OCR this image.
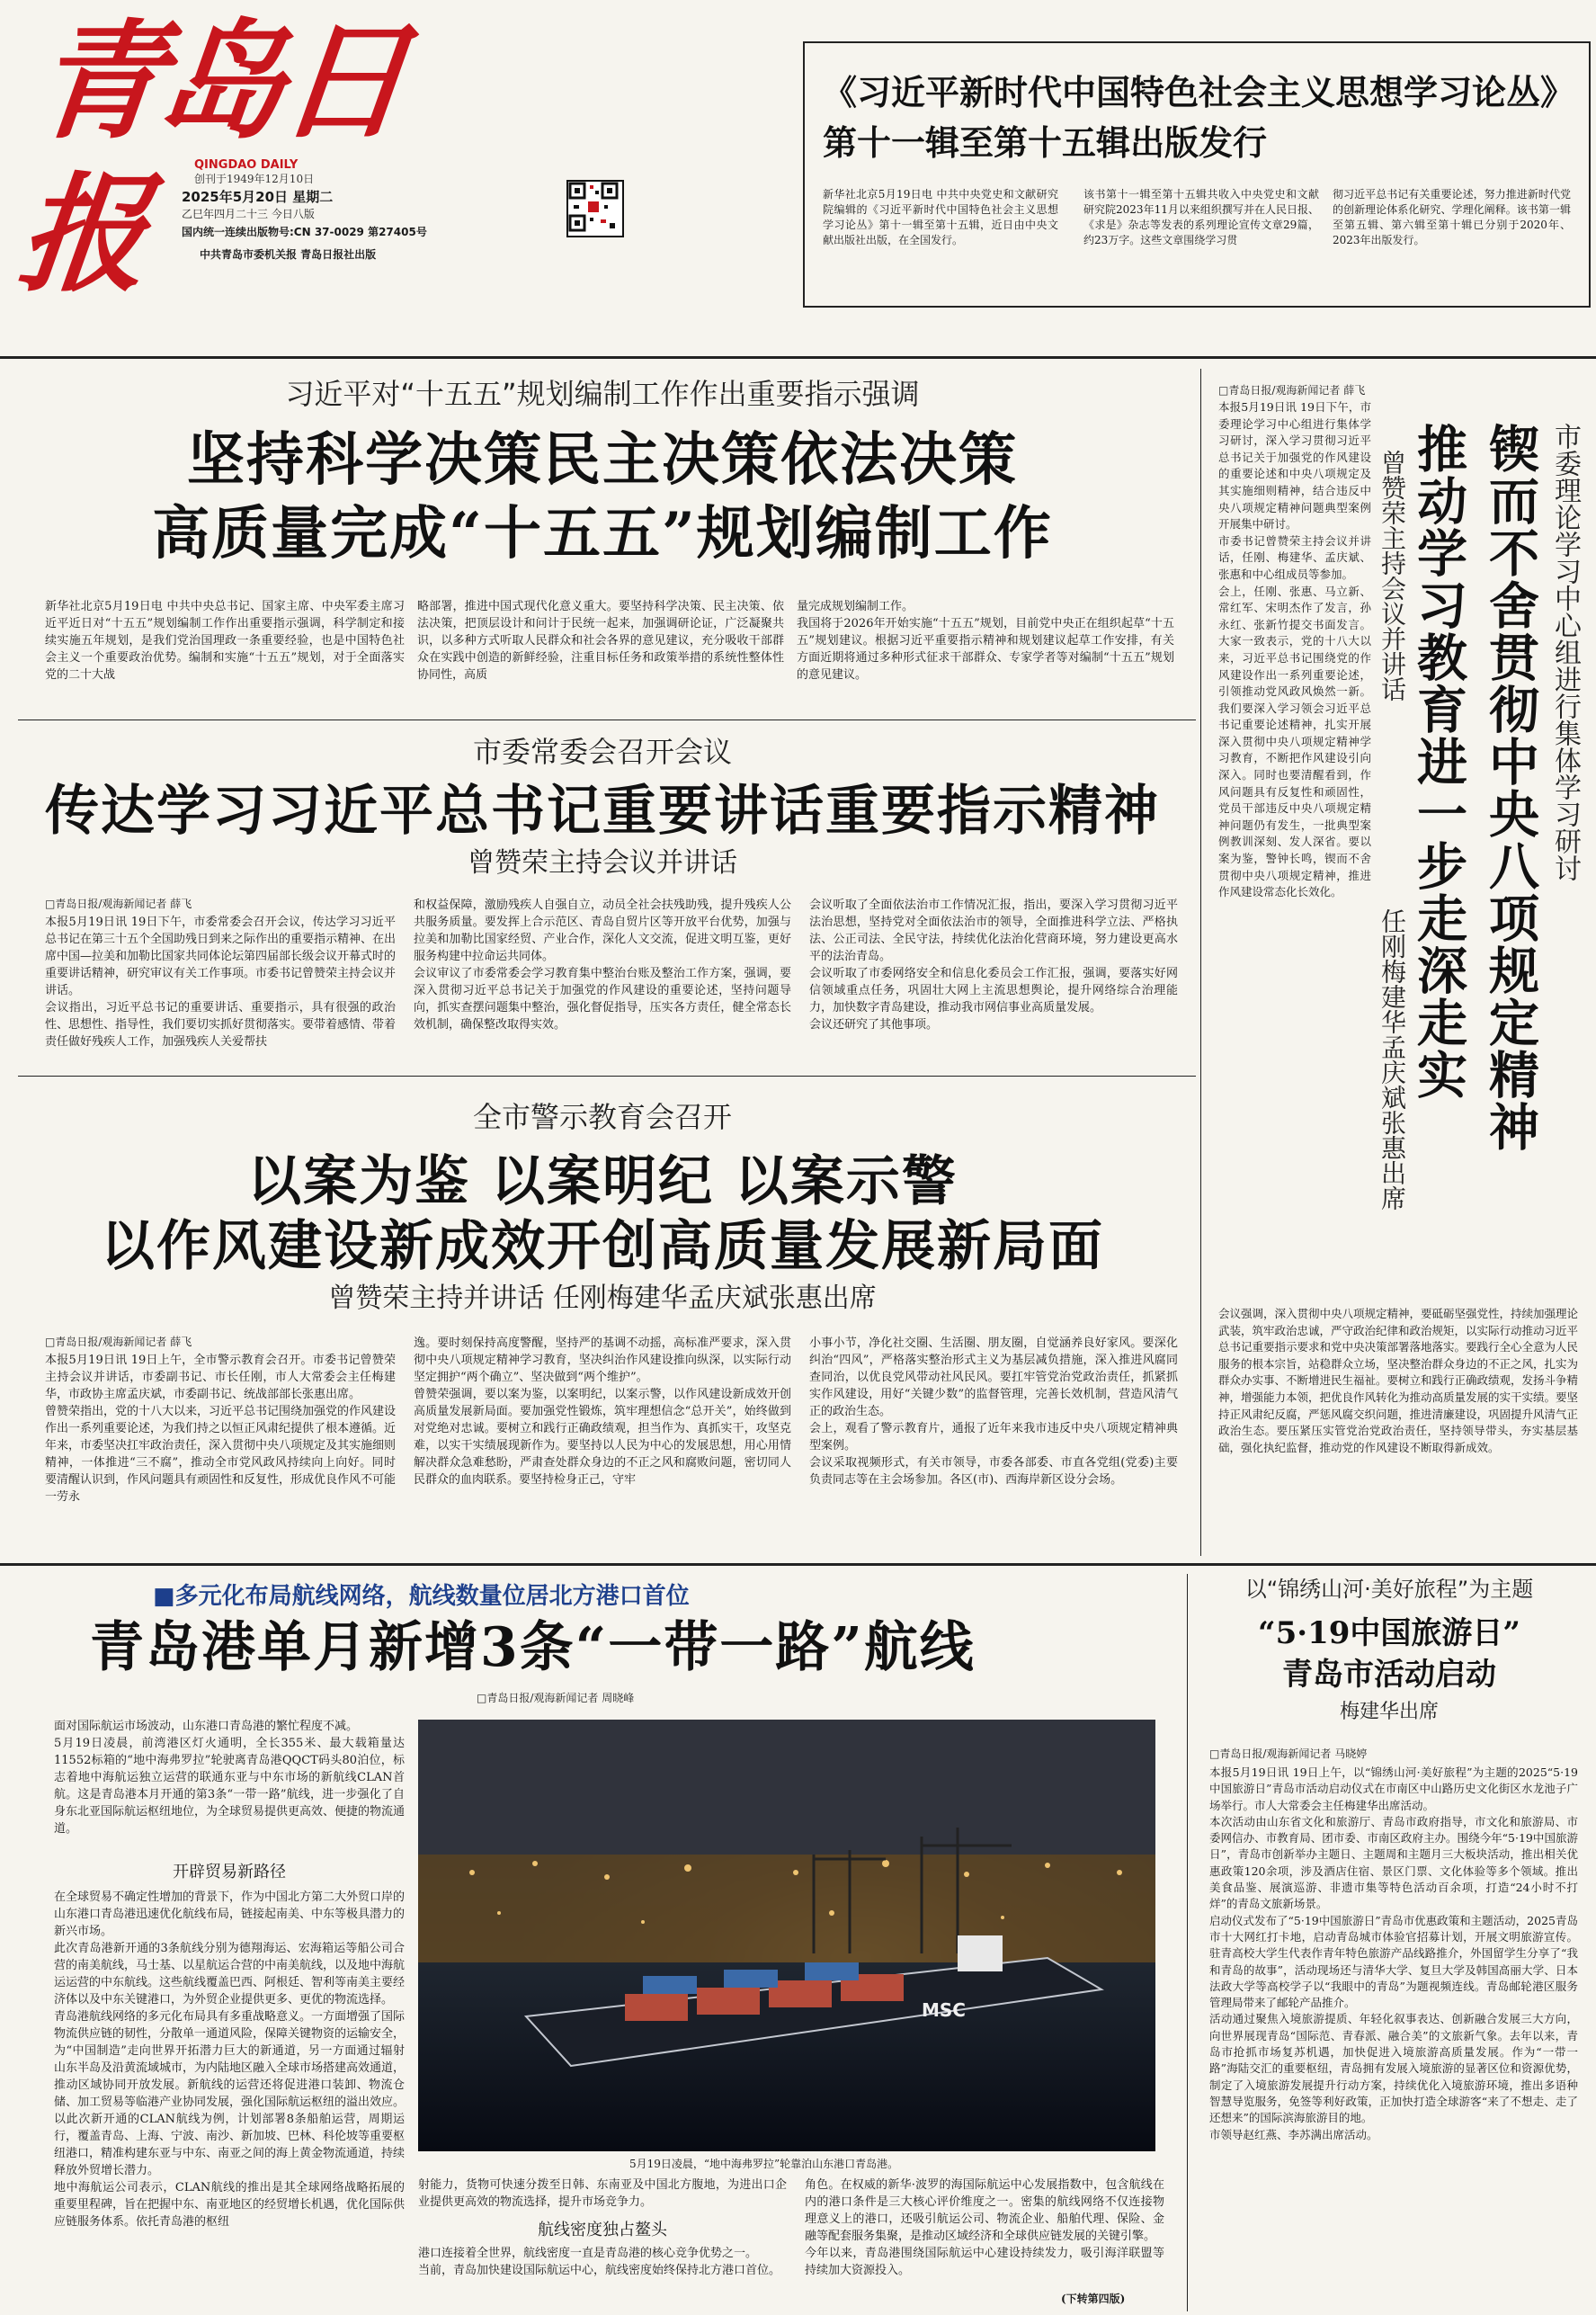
青岛日报	QINGDAO DAILY
创刊于1949年12月10日
2025年5月20日 星期二
乙巳年四月二十三 今日八版
国内统一连续出版物号:CN 37-0029 第27405号
中共青岛市委机关报 青岛日报社出版
《习近平新时代中国特色社会主义思想学习论丛》第十一辑至第十五辑出版发行
新华社北京5月19日电 中共中央党史和文献研究院编辑的《习近平新时代中国特色社会主义思想学习论丛》第十一辑至第十五辑，近日由中央文献出版社出版，在全国发行。
该书第十一辑至第十五辑共收入中央党史和文献研究院2023年11月以来组织撰写并在人民日报、《求是》杂志等发表的系列理论宣传文章29篇，约23万字。这些文章围绕学习贯
彻习近平总书记有关重要论述，努力推进新时代党的创新理论体系化研究、学理化阐释。该书第一辑至第五辑、第六辑至第十辑已分别于2020年、2023年出版发行。
习近平对“十五五”规划编制工作作出重要指示强调
坚持科学决策民主决策依法决策
高质量完成“十五五”规划编制工作
新华社北京5月19日电 中共中央总书记、国家主席、中央军委主席习近平近日对“十五五”规划编制工作作出重要指示强调，科学制定和接续实施五年规划，是我们党治国理政一条重要经验，也是中国特色社会主义一个重要政治优势。编制和实施“十五五”规划，对于全面落实党的二十大战
略部署，推进中国式现代化意义重大。要坚持科学决策、民主决策、依法决策，把顶层设计和问计于民统一起来，加强调研论证，广泛凝聚共识，以多种方式听取人民群众和社会各界的意见建议，充分吸收干部群众在实践中创造的新鲜经验，注重目标任务和政策举措的系统性整体性协同性，高质
量完成规划编制工作。
我国将于2026年开始实施“十五五”规划，目前党中央正在组织起草“十五五”规划建议。根据习近平重要指示精神和规划建议起草工作安排，有关方面近期将通过多种形式征求干部群众、专家学者等对编制“十五五”规划的意见建议。
市委常委会召开会议
传达学习习近平总书记重要讲话重要指示精神
曾赞荣主持会议并讲话
□青岛日报/观海新闻记者 薛飞
本报5月19日讯 19日下午，市委常委会召开会议，传达学习习近平总书记在第三十五个全国助残日到来之际作出的重要指示精神、在出席中国—拉美和加勒比国家共同体论坛第四届部长级会议开幕式时的重要讲话精神，研究审议有关工作事项。市委书记曾赞荣主持会议并讲话。
会议指出，习近平总书记的重要讲话、重要指示，具有很强的政治性、思想性、指导性，我们要切实抓好贯彻落实。要带着感情、带着责任做好残疾人工作，加强残疾人关爱帮扶
和权益保障，激励残疾人自强自立，动员全社会扶残助残，提升残疾人公共服务质量。要发挥上合示范区、青岛自贸片区等开放平台优势，加强与拉美和加勒比国家经贸、产业合作，深化人文交流，促进文明互鉴，更好服务构建中拉命运共同体。
会议审议了市委常委会学习教育集中整治台账及整治工作方案，强调，要深入贯彻习近平总书记关于加强党的作风建设的重要论述，坚持问题导向，抓实查摆问题集中整治，强化督促指导，压实各方责任，健全常态长效机制，确保整改取得实效。
会议听取了全面依法治市工作情况汇报，指出，要深入学习贯彻习近平法治思想，坚持党对全面依法治市的领导，全面推进科学立法、严格执法、公正司法、全民守法，持续优化法治化营商环境，努力建设更高水平的法治青岛。
会议听取了市委网络安全和信息化委员会工作汇报，强调，要落实好网信领域重点任务，巩固壮大网上主流思想舆论，提升网络综合治理能力，加快数字青岛建设，推动我市网信事业高质量发展。
会议还研究了其他事项。
全市警示教育会召开
以案为鉴 以案明纪 以案示警
以作风建设新成效开创高质量发展新局面
曾赞荣主持并讲话 任刚梅建华孟庆斌张惠出席
□青岛日报/观海新闻记者 薛飞
本报5月19日讯 19日上午，全市警示教育会召开。市委书记曾赞荣主持会议并讲话，市委副书记、市长任刚，市人大常委会主任梅建华，市政协主席孟庆斌，市委副书记、统战部部长张惠出席。
曾赞荣指出，党的十八大以来，习近平总书记围绕加强党的作风建设作出一系列重要论述，为我们持之以恒正风肃纪提供了根本遵循。近年来，市委坚决扛牢政治责任，深入贯彻中央八项规定及其实施细则精神，一体推进“三不腐”，推动全市党风政风持续向上向好。同时要清醒认识到，作风问题具有顽固性和反复性，形成优良作风不可能一劳永
逸。要时刻保持高度警醒，坚持严的基调不动摇，高标准严要求，深入贯彻中央八项规定精神学习教育，坚决纠治作风建设推向纵深，以实际行动坚定拥护“两个确立”、坚决做到“两个维护”。
曾赞荣强调，要以案为鉴，以案明纪，以案示警，以作风建设新成效开创高质量发展新局面。要加强党性锻炼，筑牢理想信念“总开关”，始终做到对党绝对忠诚。要树立和践行正确政绩观，担当作为、真抓实干，攻坚克难，以实干实绩展现新作为。要坚持以人民为中心的发展思想，用心用情解决群众急难愁盼，严肃查处群众身边的不正之风和腐败问题，密切同人民群众的血肉联系。要坚持检身正己，守牢
小事小节，净化社交圈、生活圈、朋友圈，自觉涵养良好家风。要深化纠治“四风”，严格落实整治形式主义为基层减负措施，深入推进风腐同查同治，以优良党风带动社风民风。要扛牢管党治党政治责任，抓紧抓实作风建设，用好“关键少数”的监督管理，完善长效机制，营造风清气正的政治生态。
会上，观看了警示教育片，通报了近年来我市违反中央八项规定精神典型案例。
会议采取视频形式，有关市领导，市委各部委、市直各党组(党委)主要负责同志等在主会场参加。各区(市)、西海岸新区设分会场。
□青岛日报/观海新闻记者 薛飞
本报5月19日讯 19日下午，市委理论学习中心组进行集体学习研讨，深入学习贯彻习近平总书记关于加强党的作风建设的重要论述和中央八项规定及其实施细则精神，结合违反中央八项规定精神问题典型案例开展集中研讨。
市委书记曾赞荣主持会议并讲话，任刚、梅建华、孟庆斌、张惠和中心组成员等参加。
会上，任刚、张惠、马立新、常红军、宋明杰作了发言，孙永红、张新竹提交书面发言。大家一致表示，党的十八大以来，习近平总书记围绕党的作风建设作出一系列重要论述，引领推动党风政风焕然一新。我们要深入学习领会习近平总书记重要论述精神，扎实开展深入贯彻中央八项规定精神学习教育，不断把作风建设引向深入。同时也要清醒看到，作风问题具有反复性和顽固性，党员干部违反中央八项规定精神问题仍有发生，一批典型案例教训深刻、发人深省。要以案为鉴，警钟长鸣，锲而不舍贯彻中央八项规定精神，推进作风建设常态化长效化。	锲而不舍贯彻中央八项规定精神
推动学习教育进一步走深走实	市委理论学习中心组进行集体学习研讨
曾赞荣主持会议并讲话
任刚梅建华孟庆斌张惠出席
会议强调，深入贯彻中央八项规定精神，要砥砺坚强党性，持续加强理论武装，筑牢政治忠诚，严守政治纪律和政治规矩，以实际行动推动习近平总书记重要指示要求和党中央决策部署落地落实。要践行全心全意为人民服务的根本宗旨，站稳群众立场，坚决整治群众身边的不正之风，扎实为群众办实事、不断增进民生福祉。要树立和践行正确政绩观，发扬斗争精神，增强能力本领，把优良作风转化为推动高质量发展的实干实绩。要坚持正风肃纪反腐，严惩风腐交织问题，推进清廉建设，巩固提升风清气正政治生态。要压紧压实管党治党政治责任，坚持领导带头，夯实基层基础，强化执纪监督，推动党的作风建设不断取得新成效。
■多元化布局航线网络，航线数量位居北方港口首位
青岛港单月新增3条“一带一路”航线
□青岛日报/观海新闻记者 周晓峰
面对国际航运市场波动，山东港口青岛港的繁忙程度不减。
5月19日凌晨，前湾港区灯火通明，全长355米、最大载箱量达11552标箱的“地中海弗罗拉”轮驶离青岛港QQCT码头80泊位，标志着地中海航运独立运营的联通东亚与中东市场的新航线CLAN首航。这是青岛港本月开通的第3条“一带一路”航线，进一步强化了自身东北亚国际航运枢纽地位，为全球贸易提供更高效、便捷的物流通道。
开辟贸易新路径
在全球贸易不确定性增加的背景下，作为中国北方第二大外贸口岸的山东港口青岛港迅速优化航线布局，链接起南美、中东等极具潜力的新兴市场。
此次青岛港新开通的3条航线分别为德翔海运、宏海箱运等船公司合营的南美航线，马士基、以星航运合营的中南美航线，以及地中海航运运营的中东航线。这些航线覆盖巴西、阿根廷、智利等南美主要经济体以及中东关键港口，为外贸企业提供更多、更优的物流选择。
青岛港航线网络的多元化布局具有多重战略意义。一方面增强了国际物流供应链的韧性，分散单一通道风险，保障关键物资的运输安全，为“中国制造”走向世界开拓潜力巨大的新通道，另一方面通过辐射山东半岛及沿黄流域城市，为内陆地区融入全球市场搭建高效通道，推动区域协同开放发展。新航线的运营还将促进港口装卸、物流仓储、加工贸易等临港产业协同发展，强化国际航运枢纽的溢出效应。
以此次新开通的CLAN航线为例，计划部署8条船舶运营，周期运行，覆盖青岛、上海、宁波、南沙、新加坡、巴林、科伦坡等重要枢纽港口，精准构建东亚与中东、南亚之间的海上黄金物流通道，持续释放外贸增长潜力。
地中海航运公司表示，CLAN航线的推出是其全球网络战略拓展的重要里程碑，旨在把握中东、南亚地区的经贸增长机遇，优化国际供应链服务体系。依托青岛港的枢纽
MSC
5月19日凌晨，“地中海弗罗拉”轮靠泊山东港口青岛港。
射能力，货物可快速分拨至日韩、东南亚及中国北方腹地，为进出口企业提供更高效的物流选择，提升市场竞争力。
航线密度独占鳌头
港口连接着全世界，航线密度一直是青岛港的核心竞争优势之一。
当前，青岛加快建设国际航运中心，航线密度始终保持北方港口首位。
角色。在权威的新华·波罗的海国际航运中心发展指数中，包含航线在内的港口条件是三大核心评价维度之一。密集的航线网络不仅连接物理意义上的港口，还吸引航运公司、物流企业、船舶代理、保险、金融等配套服务集聚，是推动区域经济和全球供应链发展的关键引擎。
今年以来，青岛港围绕国际航运中心建设持续发力，吸引海洋联盟等持续加大资源投入。
(下转第四版)
以“锦绣山河·美好旅程”为主题
“5·19中国旅游日”
青岛市活动启动
梅建华出席
□青岛日报/观海新闻记者 马晓婷
本报5月19日讯 19日上午，以“锦绣山河·美好旅程”为主题的2025“5·19中国旅游日”青岛市活动启动仪式在市南区中山路历史文化街区水龙池子广场举行。市人大常委会主任梅建华出席活动。
本次活动由山东省文化和旅游厅、青岛市政府指导，市文化和旅游局、市委网信办、市教育局、团市委、市南区政府主办。围绕今年“5·19中国旅游日”，青岛市创新举办主题日、主题周和主题月三大板块活动，推出相关优惠政策120余项，涉及酒店住宿、景区门票、文化体验等多个领域。推出美食品鉴、展演巡游、非遗市集等特色活动百余项，打造“24小时不打烊”的青岛文旅新场景。
启动仪式发布了“5·19中国旅游日”青岛市优惠政策和主题活动，2025青岛市十大网红打卡地，启动青岛城市体验官招募计划，开展文明旅游宣传。驻青高校大学生代表作青年特色旅游产品线路推介，外国留学生分享了“我和青岛的故事”，活动现场还与清华大学、复旦大学及韩国高丽大学、日本法政大学等高校学子以“我眼中的青岛”为题视频连线。青岛邮轮港区服务管理局带来了邮轮产品推介。
活动通过聚焦入境旅游提质、年轻化叙事表达、创新融合发展三大方向，向世界展现青岛“国际范、青春派、融合美”的文旅新气象。去年以来，青岛市抢抓市场复苏机遇，加快促进入境旅游高质量发展。作为“一带一路”海陆交汇的重要枢纽，青岛拥有发展入境旅游的显著区位和资源优势，制定了入境旅游发展提升行动方案，持续优化入境旅游环境，推出多语种智慧导览服务，免签等利好政策，正加快打造全球游客“来了不想走、走了还想来”的国际滨海旅游目的地。
市领导赵红燕、李苏满出席活动。
